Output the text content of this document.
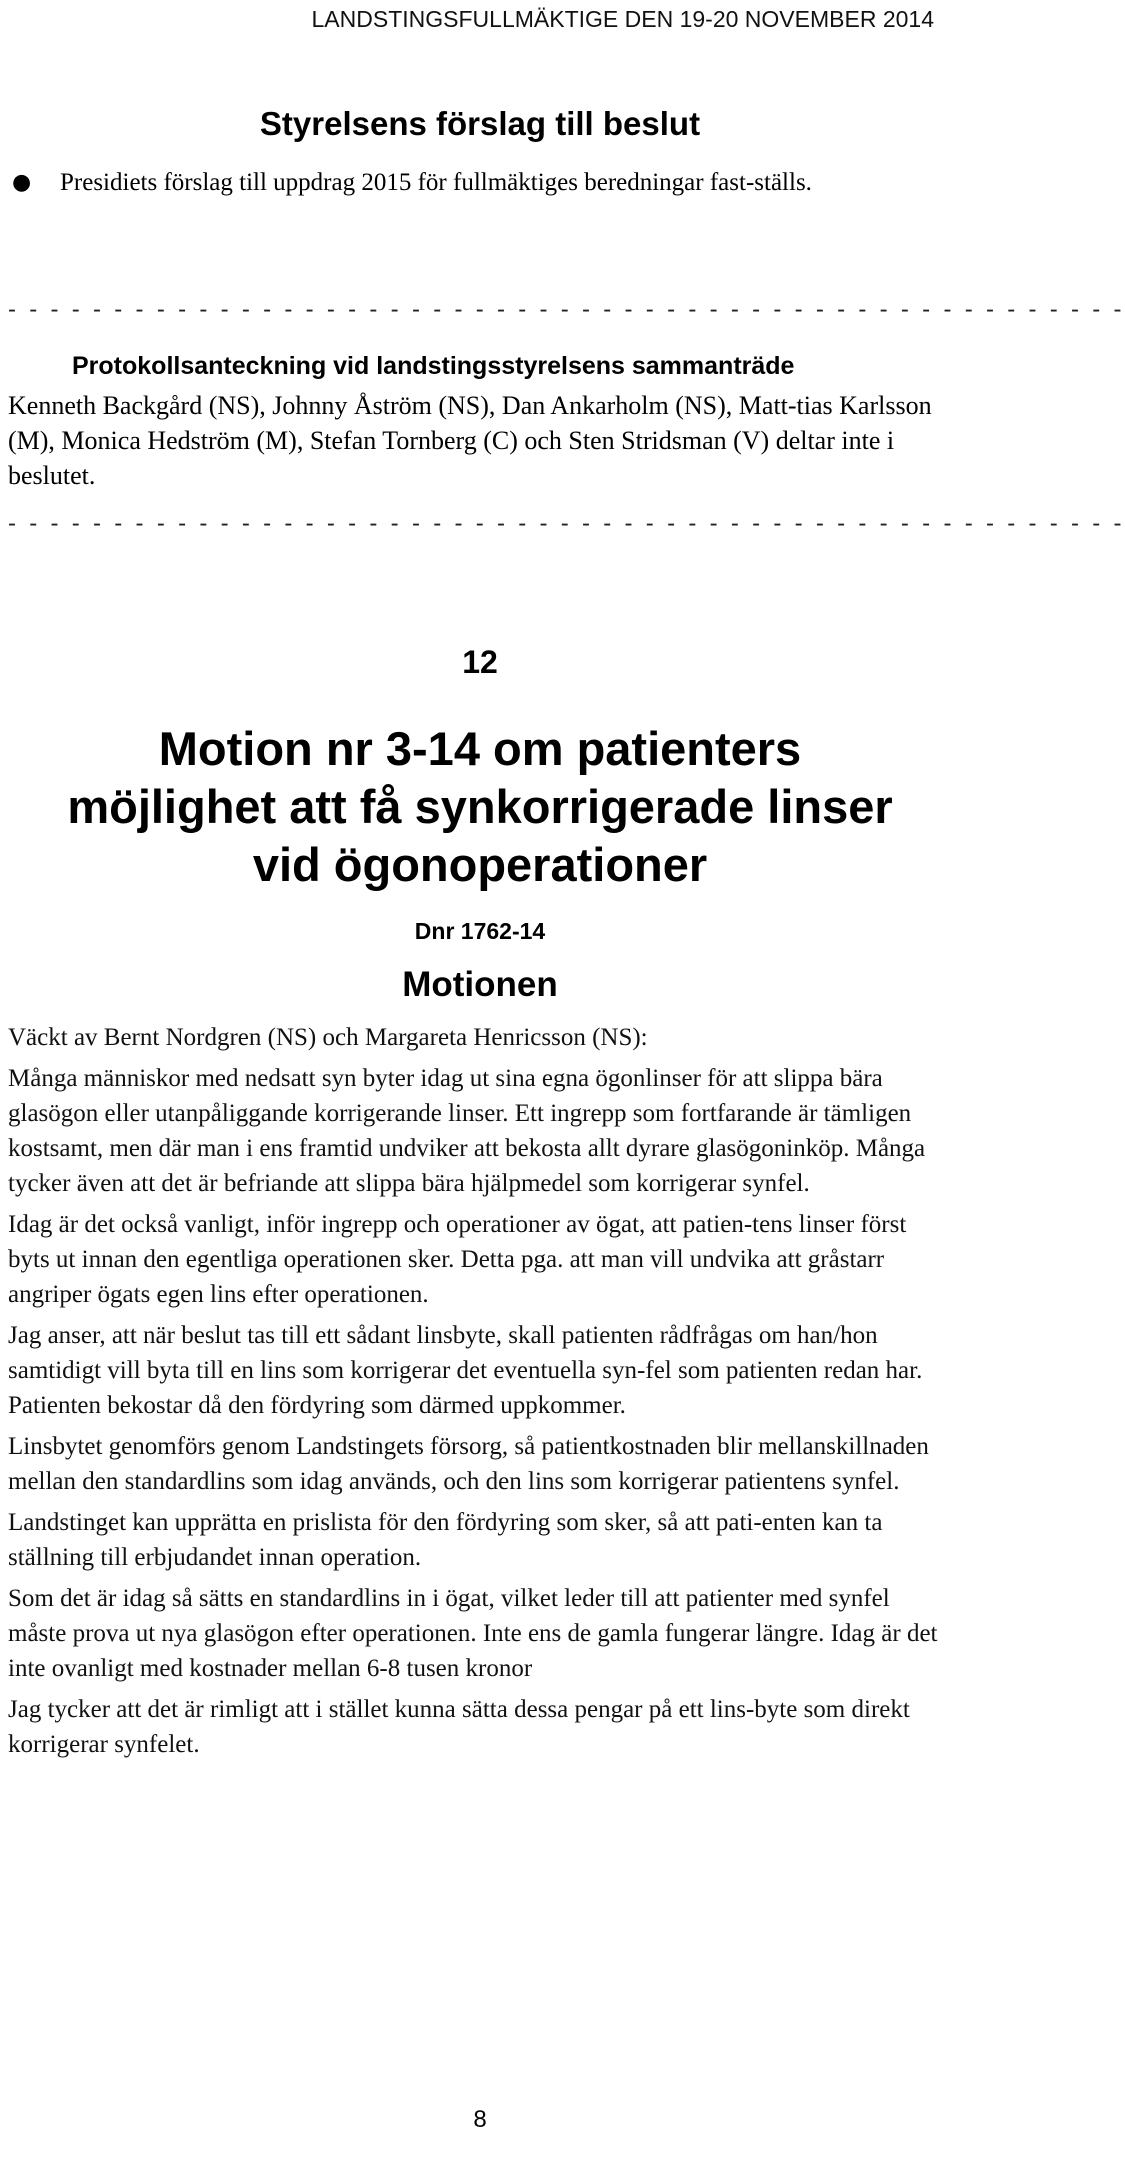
LANDSTINGSFULLMÄKTIGE DEN 19-20 NOVEMBER 2014
Styrelsens förslag till beslut
●	Presidiets förslag till uppdrag 2015 för fullmäktiges beredningar fast-ställs.
- - - - - - - - - - - - - - - - - - - - - - - - - - - - - - - - - - - - - - - - - - - - - - - - - - - - -
Protokollsanteckning vid landstingsstyrelsens sammanträde

Kenneth Backgård (NS), Johnny Åström (NS), Dan Ankarholm (NS), Matt-tias Karlsson (M), Monica Hedström (M), Stefan Tornberg (C) och Sten Stridsman (V) deltar inte i beslutet.

- - - - - - - - - - - - - - - - - - - - - - - - - - - - - - - - - - - - - - - - - - - - - - - - - - - - -
12
Motion nr 3-14 om patienters
möjlighet att få synkorrigerade linser
vid ögonoperationer
Dnr 1762-14
Motionen

Väckt av Bernt Nordgren (NS) och Margareta Henricsson (NS):

Många människor med nedsatt syn byter idag ut sina egna ögonlinser för att slippa bära glasögon eller utanpåliggande korrigerande linser. Ett ingrepp som fortfarande är tämligen kostsamt, men där man i ens framtid undviker att bekosta allt dyrare glasögoninköp. Många tycker även att det är befriande att slippa bära hjälpmedel som korrigerar synfel.

Idag är det också vanligt, inför ingrepp och operationer av ögat, att patien-tens linser först byts ut innan den egentliga operationen sker. Detta pga. att man vill undvika att gråstarr angriper ögats egen lins efter operationen.

Jag anser, att när beslut tas till ett sådant linsbyte, skall patienten rådfrågas om han/hon samtidigt vill byta till en lins som korrigerar det eventuella syn-fel som patienten redan har. Patienten bekostar då den fördyring som därmed uppkommer.

Linsbytet genomförs genom Landstingets försorg, så patientkostnaden blir mellanskillnaden mellan den standardlins som idag används, och den lins som korrigerar patientens synfel.

Landstinget kan upprätta en prislista för den fördyring som sker, så att pati-enten kan ta ställning till erbjudandet innan operation.

Som det är idag så sätts en standardlins in i ögat, vilket leder till att patienter med synfel måste prova ut nya glasögon efter operationen. Inte ens de gamla fungerar längre. Idag är det inte ovanligt med kostnader mellan 6-8 tusen kronor

Jag tycker att det är rimligt att i stället kunna sätta dessa pengar på ett lins-byte som direkt korrigerar synfelet.

8
